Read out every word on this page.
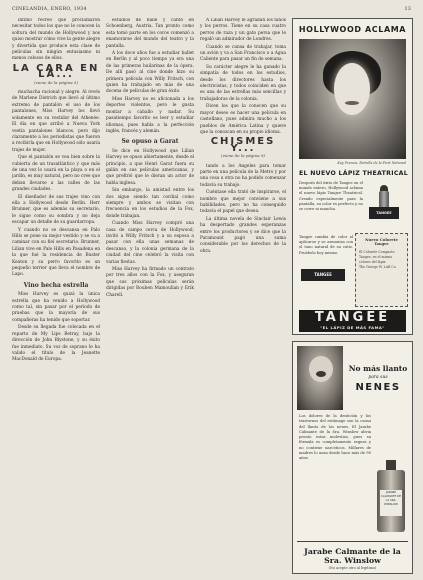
CINELANDIA, ENERO, 1934	13

intimo recreo que proclamaron necesitar todos los que no le conocen la soltura del mundo de Hollywood y nos quiso mostrar cómo vive la gente alegre y divertida que produce esta clase de películas sin ningún entusiasmo ni menos celosos de ellos.

LA CARA EN LA...
(viene de la página 5)

muchacha racional y alegre. Al revés de Marlene Dietrich que llevó al último extremo de pantalón el uso de los pantalones, Miss Harvey los llevó solamente en su vestidor del Athenée. El día en que arribó a Nueva York vestía pantalones blancos, pero dijo claramente a los periodistas que fueron a recibirla que en Hollywood sólo usaría trajes de mujer.

Que el pantalón se vea bien sobre la cubierta de un trasatlántico y que más de una vez lo usará en la playa o en el jardín, es muy natural, pero no cree que deban llevarse a las calles de las grandes ciudades.

El diseñador de sus trajes vino con ella a Hollywood desde Berlín. Herr Brunner, que es además su secretario, le sigue como su sombra y no deja escapar un detalle de su guardarropa.

Y cuando no se descansa en Palo Hills se pone su mejor vestido y se va a caminar con su fiel secretario. Brunner, Lilian vive en Palo Hills en Pasadena en la que fué la residencia de Buster Keaton y su perro favorito es un pequeño terrier que lleva el nombre de Lapo.

Vino hecha estrella

Miss Harvey es quizá la única estrella que ha venido a Hollywood como tal, sin pasar por el período de pruebas que la mayoría de sus compañeras ha tenido que soportar.

Desde su llegada fue colocada en el reparto de My Lips Betray, bajo la dirección de John Blystone, y su éxito fue inmediato. Su voz de soprano le ha valido el título de la Jeanette MacDonald de Europa.

estudios de baile y canto en Schoenberg, Austria. Tan pronto como esta tomó parte en los coros comenzó a enamorarse del mundo del teatro y la pantalla.

A los doce años fue a estudiar ballet en Berlín y al poco tiempo ya era una de las primeras bailarinas de la ópera. De allí pasó al cine donde hizo su primera película con Willy Fritsch, con quien ha trabajado en más de una docena de películas de gran éxito.

Miss Harvey no es aficionada a los deportes violentos, pero le gusta montar a caballo y nadar. Su pasatiempo favorito es leer y estudiar idiomas, pues habla a la perfección inglés, francés y alemán.

Se opuso a Garat

Se dice en Hollywood que Lilian Harvey se opuso abiertamente, desde el principio, a que Henri Garat fuera su galán en sus películas americanas, y que prefirió que le dieran un actor de habla inglesa.

Sin embargo, la amistad entre los dos sigue siendo tan cordial como siempre y ambos se visitan con frecuencia en los estudios de la Fox, donde trabajan.

Cuando Miss Harvey compró una casa de campo cerca de Hollywood, invitó a Willy Fritsch y a su esposa a pasar con ella unas semanas de descanso, y la colonia germana de la ciudad del cine celebró la visita con varias fiestas.

Miss Harvey ha firmado un contrato por tres años con la Fox, y aseguran que sus próximas películas serán dirigidas por Rouben Mamoulian y Erik Charell.

A Lilian Harvey le agradan los niños y los perros. Tiene en su casa cuatro perros de raza y un gato persa que le regaló un admirador de Londres.

Cuando se cansa de trabajar, toma un avión y va a San Francisco o a Agua Caliente para pasar un fin de semana.

Su carácter alegre le ha ganado la simpatía de todos en los estudios, desde los directores hasta los electricistas, y todos coinciden en que es una de las estrellas más sencillas y trabajadoras de la colonia.

Dicen los que la conocen que su mayor deseo es hacer una película en castellano, pues admira mucho a los pueblos de América Latina y quiere que la conozcan en su propio idioma.

CHISMES Y...
(viene de la página 9)

tando a los Angeles para tomar parte en una película de la Metro y por una cosa u otra no ha podido comenzar todavía su trabajo.

Cuéntase ella trató de inspirarse, el nombre que mejor conviene a sus habilidades, pero no ha conseguido todavía el papel que desea.

La última novela de Sinclair Lewis ha despertado grandes esperanzas entre los productores y se dice que la Paramount pagó una suma considerable por los derechos de la obra.

HOLLYWOOD ACLAMA
Kay Francis, Estrella de la First National
EL NUEVO LÁPIZ THEATRICAL
Después del éxito de Tangee en el mundo entero, Hollywood aclama el nuevo lápiz Tangee Theatrical. Creado especialmente para la pantalla, su color es perfecto y no se corre ni mancha.
TANGEE
Tangee cambia de color al aplicarse y se armoniza con el tono natural de su cutis. Pruébelo hoy mismo.
Nuevo Colorete
Tangee
El Colorete Compacto
Tangee, en el mismo
colores del lápiz.
The George W. Luft Co.
TANGEE
TANGEE
"EL LÁPIZ DE MÁS FAMA"
No más llanto
para sus
NENES
Los dolores de la dentición y los trastornos del estómago son la causa del llanto de los nenes. El Jarabe Calmante de la Sra. Winslow alivia pronto estas molestias, pues su fórmula es completamente segura y no contiene narcóticos. Millares de madres lo usan desde hace más de 90 años.
JARABE CALMANTE DE LA SRA. WINSLOW
Jarabe Calmante de la Sra. Winslow
(No acepte otro al legítimo)
